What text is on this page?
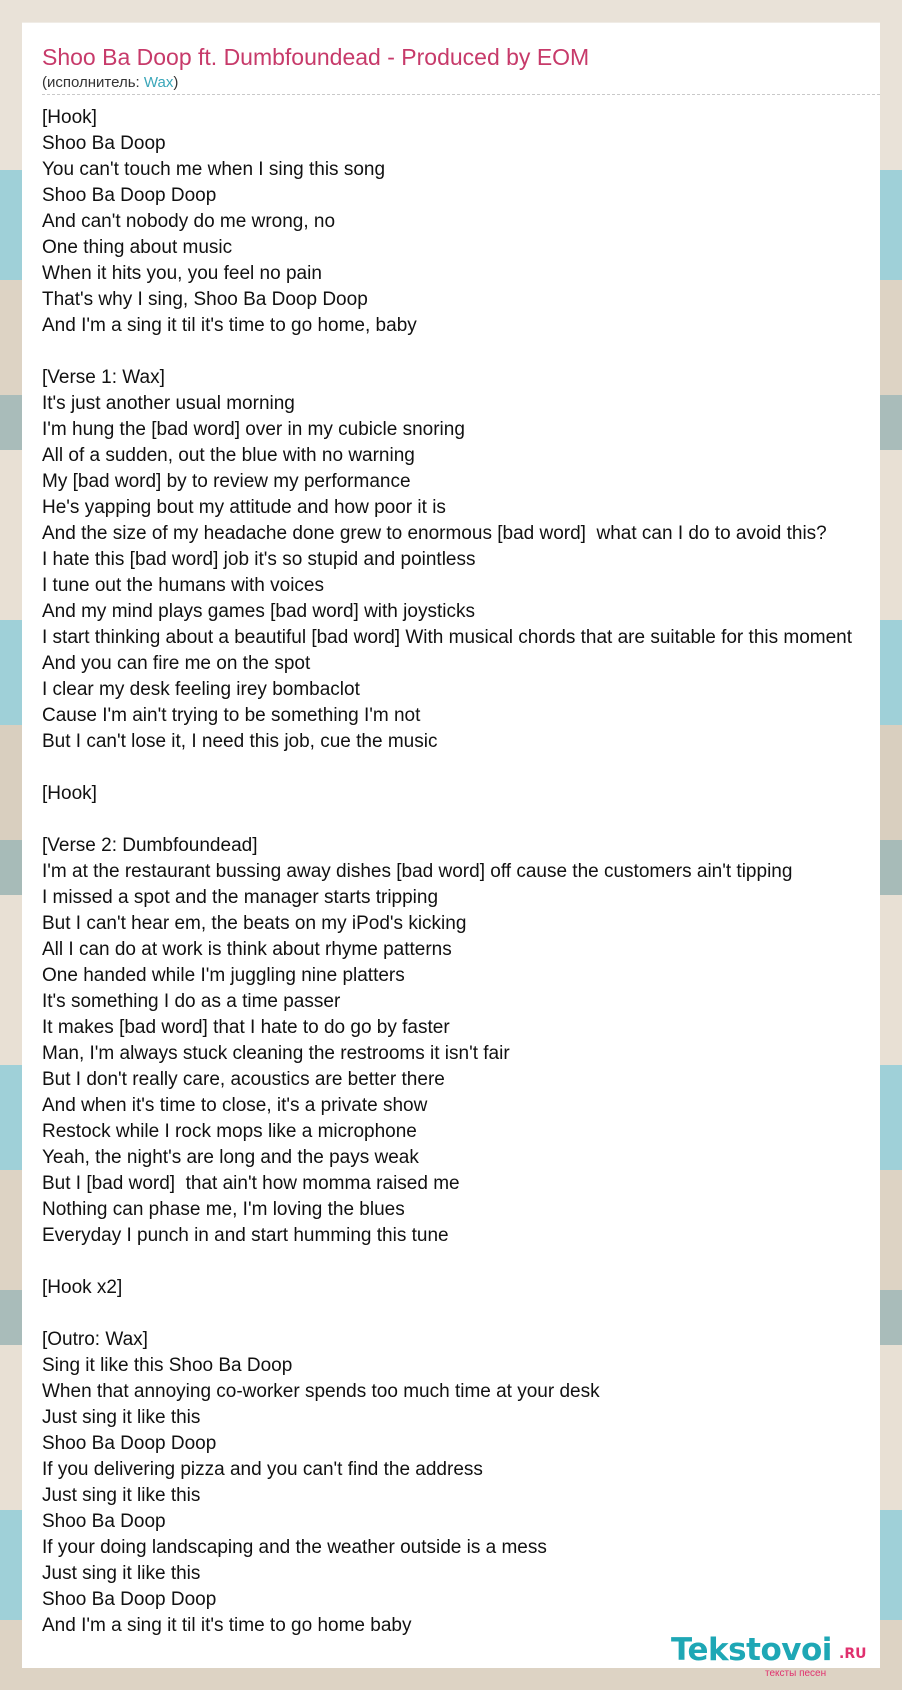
Shoo Ba Doop ft. Dumbfoundead - Produced by EOM
(исполнитель: Wax)
[Hook]
Shoo Ba Doop
You can't touch me when I sing this song
Shoo Ba Doop Doop
And can't nobody do me wrong, no
One thing about music
When it hits you, you feel no pain
That's why I sing, Shoo Ba Doop Doop
And I'm a sing it til it's time to go home, baby

[Verse 1: Wax]
It's just another usual morning
I'm hung the [bad word] over in my cubicle snoring
All of a sudden, out the blue with no warning
My [bad word] by to review my performance
He's yapping bout my attitude and how poor it is
And the size of my headache done grew to enormous [bad word]  what can I do to avoid this?
I hate this [bad word] job it's so stupid and pointless
I tune out the humans with voices
And my mind plays games [bad word] with joysticks
I start thinking about a beautiful [bad word] With musical chords that are suitable for this moment
And you can fire me on the spot
I clear my desk feeling irey bombaclot
Cause I'm ain't trying to be something I'm not
But I can't lose it, I need this job, cue the music

[Hook]

[Verse 2: Dumbfoundead]
I'm at the restaurant bussing away dishes [bad word] off cause the customers ain't tipping
I missed a spot and the manager starts tripping
But I can't hear em, the beats on my iPod's kicking
All I can do at work is think about rhyme patterns
One handed while I'm juggling nine platters
It's something I do as a time passer
It makes [bad word] that I hate to do go by faster
Man, I'm always stuck cleaning the restrooms it isn't fair
But I don't really care, acoustics are better there
And when it's time to close, it's a private show
Restock while I rock mops like a microphone
Yeah, the night's are long and the pays weak
But I [bad word]  that ain't how momma raised me
Nothing can phase me, I'm loving the blues
Everyday I punch in and start humming this tune

[Hook x2]

[Outro: Wax]
Sing it like this Shoo Ba Doop
When that annoying co-worker spends too much time at your desk
Just sing it like this
Shoo Ba Doop Doop
If you delivering pizza and you can't find the address
Just sing it like this
Shoo Ba Doop
If your doing landscaping and the weather outside is a mess
Just sing it like this
Shoo Ba Doop Doop
And I'm a sing it til it's time to go home baby
Tekstovoi .RU
тексты песен
